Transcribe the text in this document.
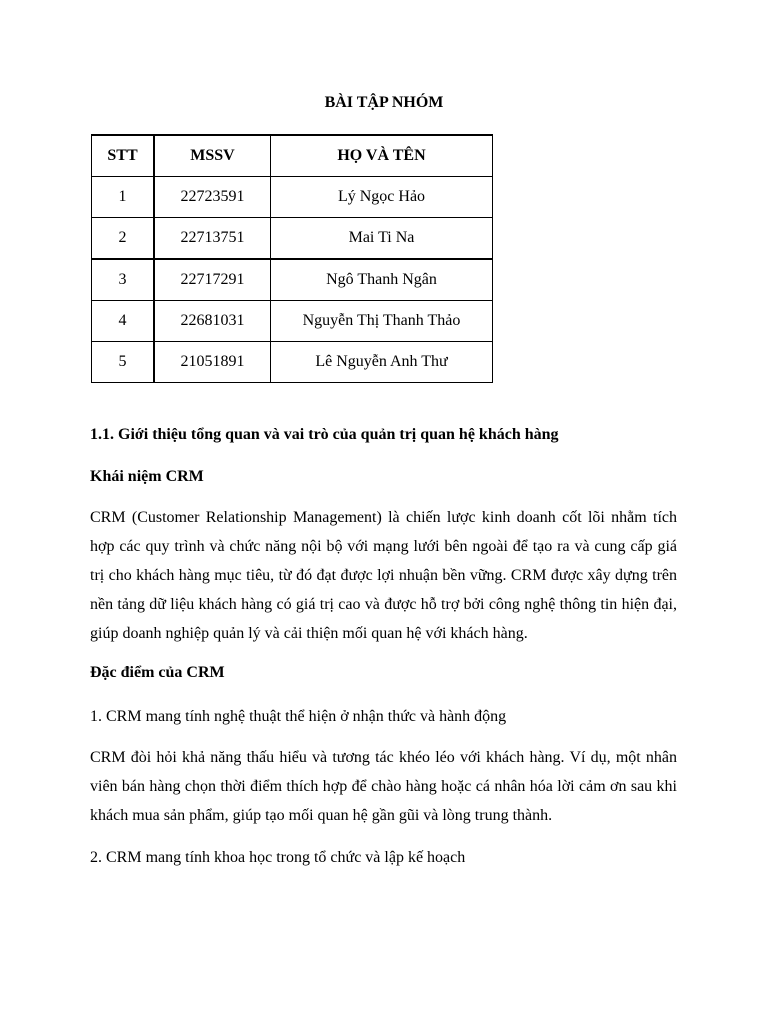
BÀI TẬP NHÓM
STT	MSSV	HỌ VÀ TÊN
1	22723591	Lý Ngọc Hảo
2	22713751	Mai Ti Na
3	22717291	Ngô Thanh Ngân
4	22681031	Nguyễn Thị Thanh Thảo
5	21051891	Lê Nguyễn Anh Thư
1.1. Giới thiệu tổng quan và vai trò của quản trị quan hệ khách hàng
Khái niệm CRM
CRM (Customer Relationship Management) là chiến lược kinh doanh cốt lõi nhằm tích hợp các quy trình và chức năng nội bộ với mạng lưới bên ngoài để tạo ra và cung cấp giá trị cho khách hàng mục tiêu, từ đó đạt được lợi nhuận bền vững. CRM được xây dựng trên nền tảng dữ liệu khách hàng có giá trị cao và được hỗ trợ bởi công nghệ thông tin hiện đại, giúp doanh nghiệp quản lý và cải thiện mối quan hệ với khách hàng.
Đặc điểm của CRM
1. CRM mang tính nghệ thuật thể hiện ở nhận thức và hành động
CRM đòi hỏi khả năng thấu hiểu và tương tác khéo léo với khách hàng. Ví dụ, một nhân viên bán hàng chọn thời điểm thích hợp để chào hàng hoặc cá nhân hóa lời cảm ơn sau khi khách mua sản phẩm, giúp tạo mối quan hệ gần gũi và lòng trung thành.
2. CRM mang tính khoa học trong tổ chức và lập kế hoạch
